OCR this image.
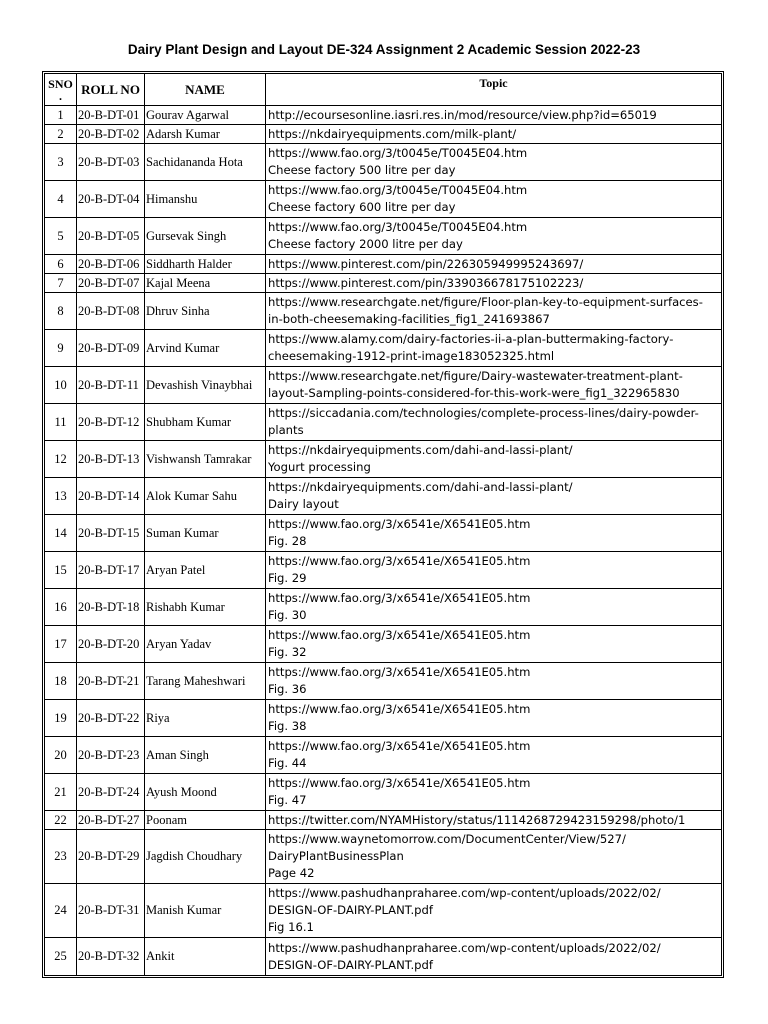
Dairy Plant Design and Layout DE-324 Assignment 2 Academic Session 2022-23
SNO .	ROLL NO	NAME	Topic
1	20-B-DT-01	Gourav Agarwal	http://ecoursesonline.iasri.res.in/mod/resource/view.php?id=65019

2	20-B-DT-02	Adarsh Kumar	https://nkdairyequipments.com/milk-plant/

3	20-B-DT-03	Sachidananda Hota	https://www.fao.org/3/t0045e/T0045E04.htm
Cheese factory 500 litre per day

4	20-B-DT-04	Himanshu	https://www.fao.org/3/t0045e/T0045E04.htm
Cheese factory 600 litre per day

5	20-B-DT-05	Gursevak Singh	https://www.fao.org/3/t0045e/T0045E04.htm
Cheese factory 2000 litre per day

6	20-B-DT-06	Siddharth Halder	https://www.pinterest.com/pin/226305949995243697/

7	20-B-DT-07	Kajal Meena	https://www.pinterest.com/pin/339036678175102223/

8	20-B-DT-08	Dhruv Sinha	https://www.researchgate.net/figure/Floor-plan-key-to-equipment-surfaces-
in-both-cheesemaking-facilities_fig1_241693867

9	20-B-DT-09	Arvind Kumar	https://www.alamy.com/dairy-factories-ii-a-plan-buttermaking-factory-
cheesemaking-1912-print-image183052325.html

10	20-B-DT-11	Devashish Vinaybhai	https://www.researchgate.net/figure/Dairy-wastewater-treatment-plant-
layout-Sampling-points-considered-for-this-work-were_fig1_322965830

11	20-B-DT-12	Shubham Kumar	https://siccadania.com/technologies/complete-process-lines/dairy-powder-
plants

12	20-B-DT-13	Vishwansh Tamrakar	https://nkdairyequipments.com/dahi-and-lassi-plant/
Yogurt processing

13	20-B-DT-14	Alok Kumar Sahu	https://nkdairyequipments.com/dahi-and-lassi-plant/
Dairy layout

14	20-B-DT-15	Suman Kumar	https://www.fao.org/3/x6541e/X6541E05.htm
Fig. 28

15	20-B-DT-17	Aryan Patel	https://www.fao.org/3/x6541e/X6541E05.htm
Fig. 29

16	20-B-DT-18	Rishabh Kumar	https://www.fao.org/3/x6541e/X6541E05.htm
Fig. 30

17	20-B-DT-20	Aryan Yadav	https://www.fao.org/3/x6541e/X6541E05.htm
Fig. 32

18	20-B-DT-21	Tarang Maheshwari	https://www.fao.org/3/x6541e/X6541E05.htm
Fig. 36

19	20-B-DT-22	Riya	https://www.fao.org/3/x6541e/X6541E05.htm
Fig. 38

20	20-B-DT-23	Aman Singh	https://www.fao.org/3/x6541e/X6541E05.htm
Fig. 44

21	20-B-DT-24	Ayush Moond	https://www.fao.org/3/x6541e/X6541E05.htm
Fig. 47

22	20-B-DT-27	Poonam	https://twitter.com/NYAMHistory/status/1114268729423159298/photo/1

23	20-B-DT-29	Jagdish Choudhary	https://www.waynetomorrow.com/DocumentCenter/View/527/
DairyPlantBusinessPlan
Page 42

24	20-B-DT-31	Manish Kumar	https://www.pashudhanpraharee.com/wp-content/uploads/2022/02/
DESIGN-OF-DAIRY-PLANT.pdf
Fig 16.1

25	20-B-DT-32	Ankit	https://www.pashudhanpraharee.com/wp-content/uploads/2022/02/
DESIGN-OF-DAIRY-PLANT.pdf
